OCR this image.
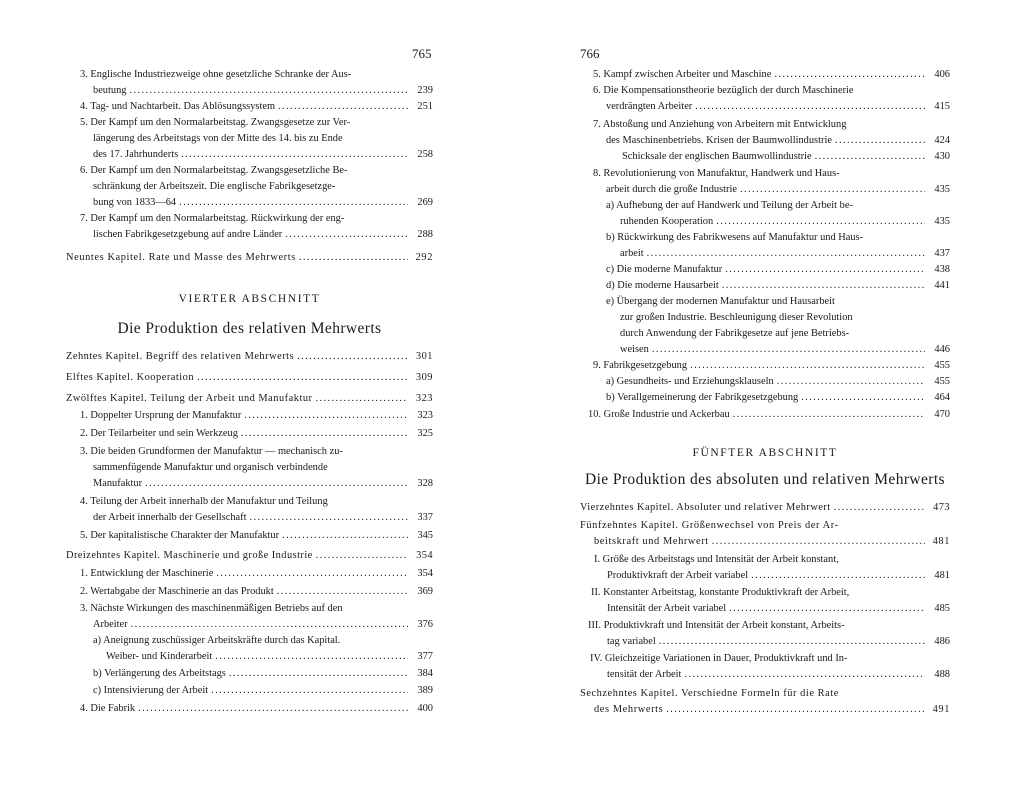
765
3. Englische Industriezweige ohne gesetzliche Schranke der Aus-
beutung . . .	239
4. Tag- und Nachtarbeit. Das Ablösungssystem . . .	251
5. Der Kampf um den Normalarbeitstag. Zwangsgesetze zur Ver-
längerung des Arbeitstags von der Mitte des 14. bis zu Ende
des 17. Jahrhunderts . . .	258
6. Der Kampf um den Normalarbeitstag. Zwangsgesetzliche Be-
schränkung der Arbeitszeit. Die englische Fabrikgesetzge-
bung von 1833—64 . . .	269
7. Der Kampf um den Normalarbeitstag. Rückwirkung der eng-
lischen Fabrikgesetzgebung auf andre Länder . . .	288
Neuntes Kapitel. Rate und Masse des Mehrwerts . . .	292
VIERTER ABSCHNITT
Die Produktion des relativen Mehrwerts
Zehntes Kapitel. Begriff des relativen Mehrwerts . . .	301
Elftes Kapitel. Kooperation . . .	309
Zwölftes Kapitel. Teilung der Arbeit und Manufaktur . . .	323
1. Doppelter Ursprung der Manufaktur . . .	323
2. Der Teilarbeiter und sein Werkzeug . . .	325
3. Die beiden Grundformen der Manufaktur — mechanisch zu-
sammenfügende Manufaktur und organisch verbindende
Manufaktur . . .	328
4. Teilung der Arbeit innerhalb der Manufaktur und Teilung
der Arbeit innerhalb der Gesellschaft . . .	337
5. Der kapitalistische Charakter der Manufaktur . . .	345
Dreizehntes Kapitel. Maschinerie und große Industrie . . .	354
1. Entwicklung der Maschinerie . . .	354
2. Wertabgabe der Maschinerie an das Produkt . . .	369
3. Nächste Wirkungen des maschinenmäßigen Betriebs auf den
Arbeiter . . .	376
a) Aneignung zuschüssiger Arbeitskräfte durch das Kapital.
Weiber- und Kinderarbeit . . .	377
b) Verlängerung des Arbeitstags . . .	384
c) Intensivierung der Arbeit . . .	389
4. Die Fabrik . . .	400
766
5. Kampf zwischen Arbeiter und Maschine . . .	406
6. Die Kompensationstheorie bezüglich der durch Maschinerie
verdrängten Arbeiter . . .	415
7. Abstoßung und Anziehung von Arbeitern mit Entwicklung
des Maschinenbetriebs. Krisen der Baumwollindustrie . . .	424
Schicksale der englischen Baumwollindustrie . . .	430
8. Revolutionierung von Manufaktur, Handwerk und Haus-
arbeit durch die große Industrie . . .	435
a) Aufhebung der auf Handwerk und Teilung der Arbeit be-
ruhenden Kooperation . . .	435
b) Rückwirkung des Fabrikwesens auf Manufaktur und Haus-
arbeit . . .	437
c) Die moderne Manufaktur . . .	438
d) Die moderne Hausarbeit . . .	441
e) Übergang der modernen Manufaktur und Hausarbeit
zur großen Industrie. Beschleunigung dieser Revolution
durch Anwendung der Fabrikgesetze auf jene Betriebs-
weisen . . .	446
9. Fabrikgesetzgebung . . .	455
a) Gesundheits- und Erziehungsklauseln . . .	455
b) Verallgemeinerung der Fabrikgesetzgebung . . .	464
10. Große Industrie und Ackerbau . . .	470
FÜNFTER ABSCHNITT
Die Produktion des absoluten und relativen Mehrwerts
Vierzehntes Kapitel. Absoluter und relativer Mehrwert . . .	473
Fünfzehntes Kapitel. Größenwechsel von Preis der Ar-
beitskraft und Mehrwert . . .	481
I. Größe des Arbeitstags und Intensität der Arbeit konstant,
Produktivkraft der Arbeit variabel . . .	481
II. Konstanter Arbeitstag, konstante Produktivkraft der Arbeit,
Intensität der Arbeit variabel . . .	485
III. Produktivkraft und Intensität der Arbeit konstant, Arbeits-
tag variabel . . .	486
IV. Gleichzeitige Variationen in Dauer, Produktivkraft und In-
tensität der Arbeit . . .	488
Sechzehntes Kapitel. Verschiedne Formeln für die Rate
des Mehrwerts . . .	491
